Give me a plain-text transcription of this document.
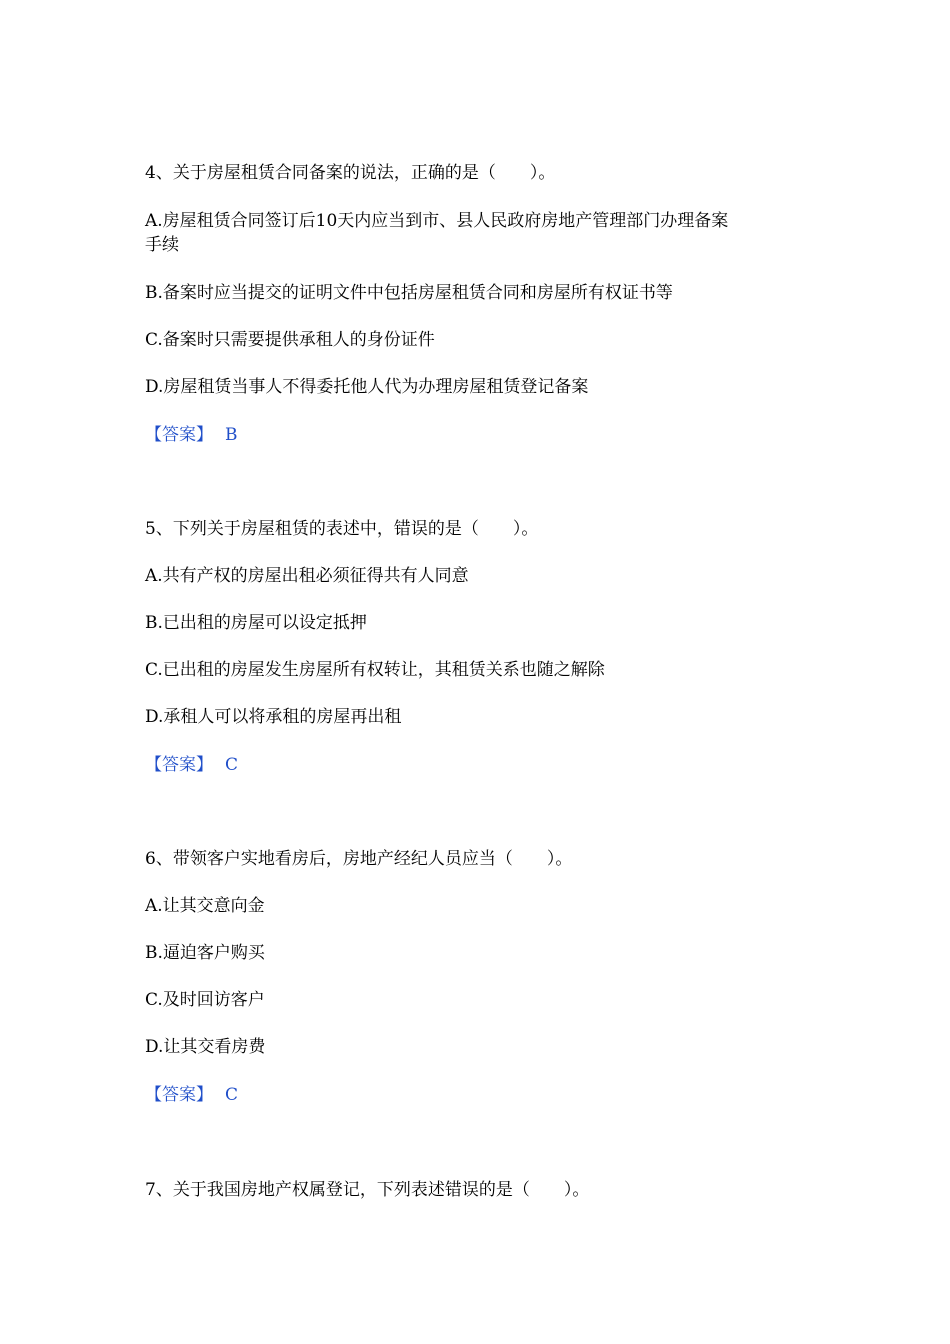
4、关于房屋租赁合同备案的说法，正确的是（　　）。
A.房屋租赁合同签订后10天内应当到市、县人民政府房地产管理部门办理备案
手续
B.备案时应当提交的证明文件中包括房屋租赁合同和房屋所有权证书等
C.备案时只需要提供承租人的身份证件
D.房屋租赁当事人不得委托他人代为办理房屋租赁登记备案
【答案】 B
5、下列关于房屋租赁的表述中，错误的是（　　）。
A.共有产权的房屋出租必须征得共有人同意
B.已出租的房屋可以设定抵押
C.已出租的房屋发生房屋所有权转让，其租赁关系也随之解除
D.承租人可以将承租的房屋再出租
【答案】 C
6、带领客户实地看房后，房地产经纪人员应当（　　）。
A.让其交意向金
B.逼迫客户购买
C.及时回访客户
D.让其交看房费
【答案】 C
7、关于我国房地产权属登记，下列表述错误的是（　　）。
